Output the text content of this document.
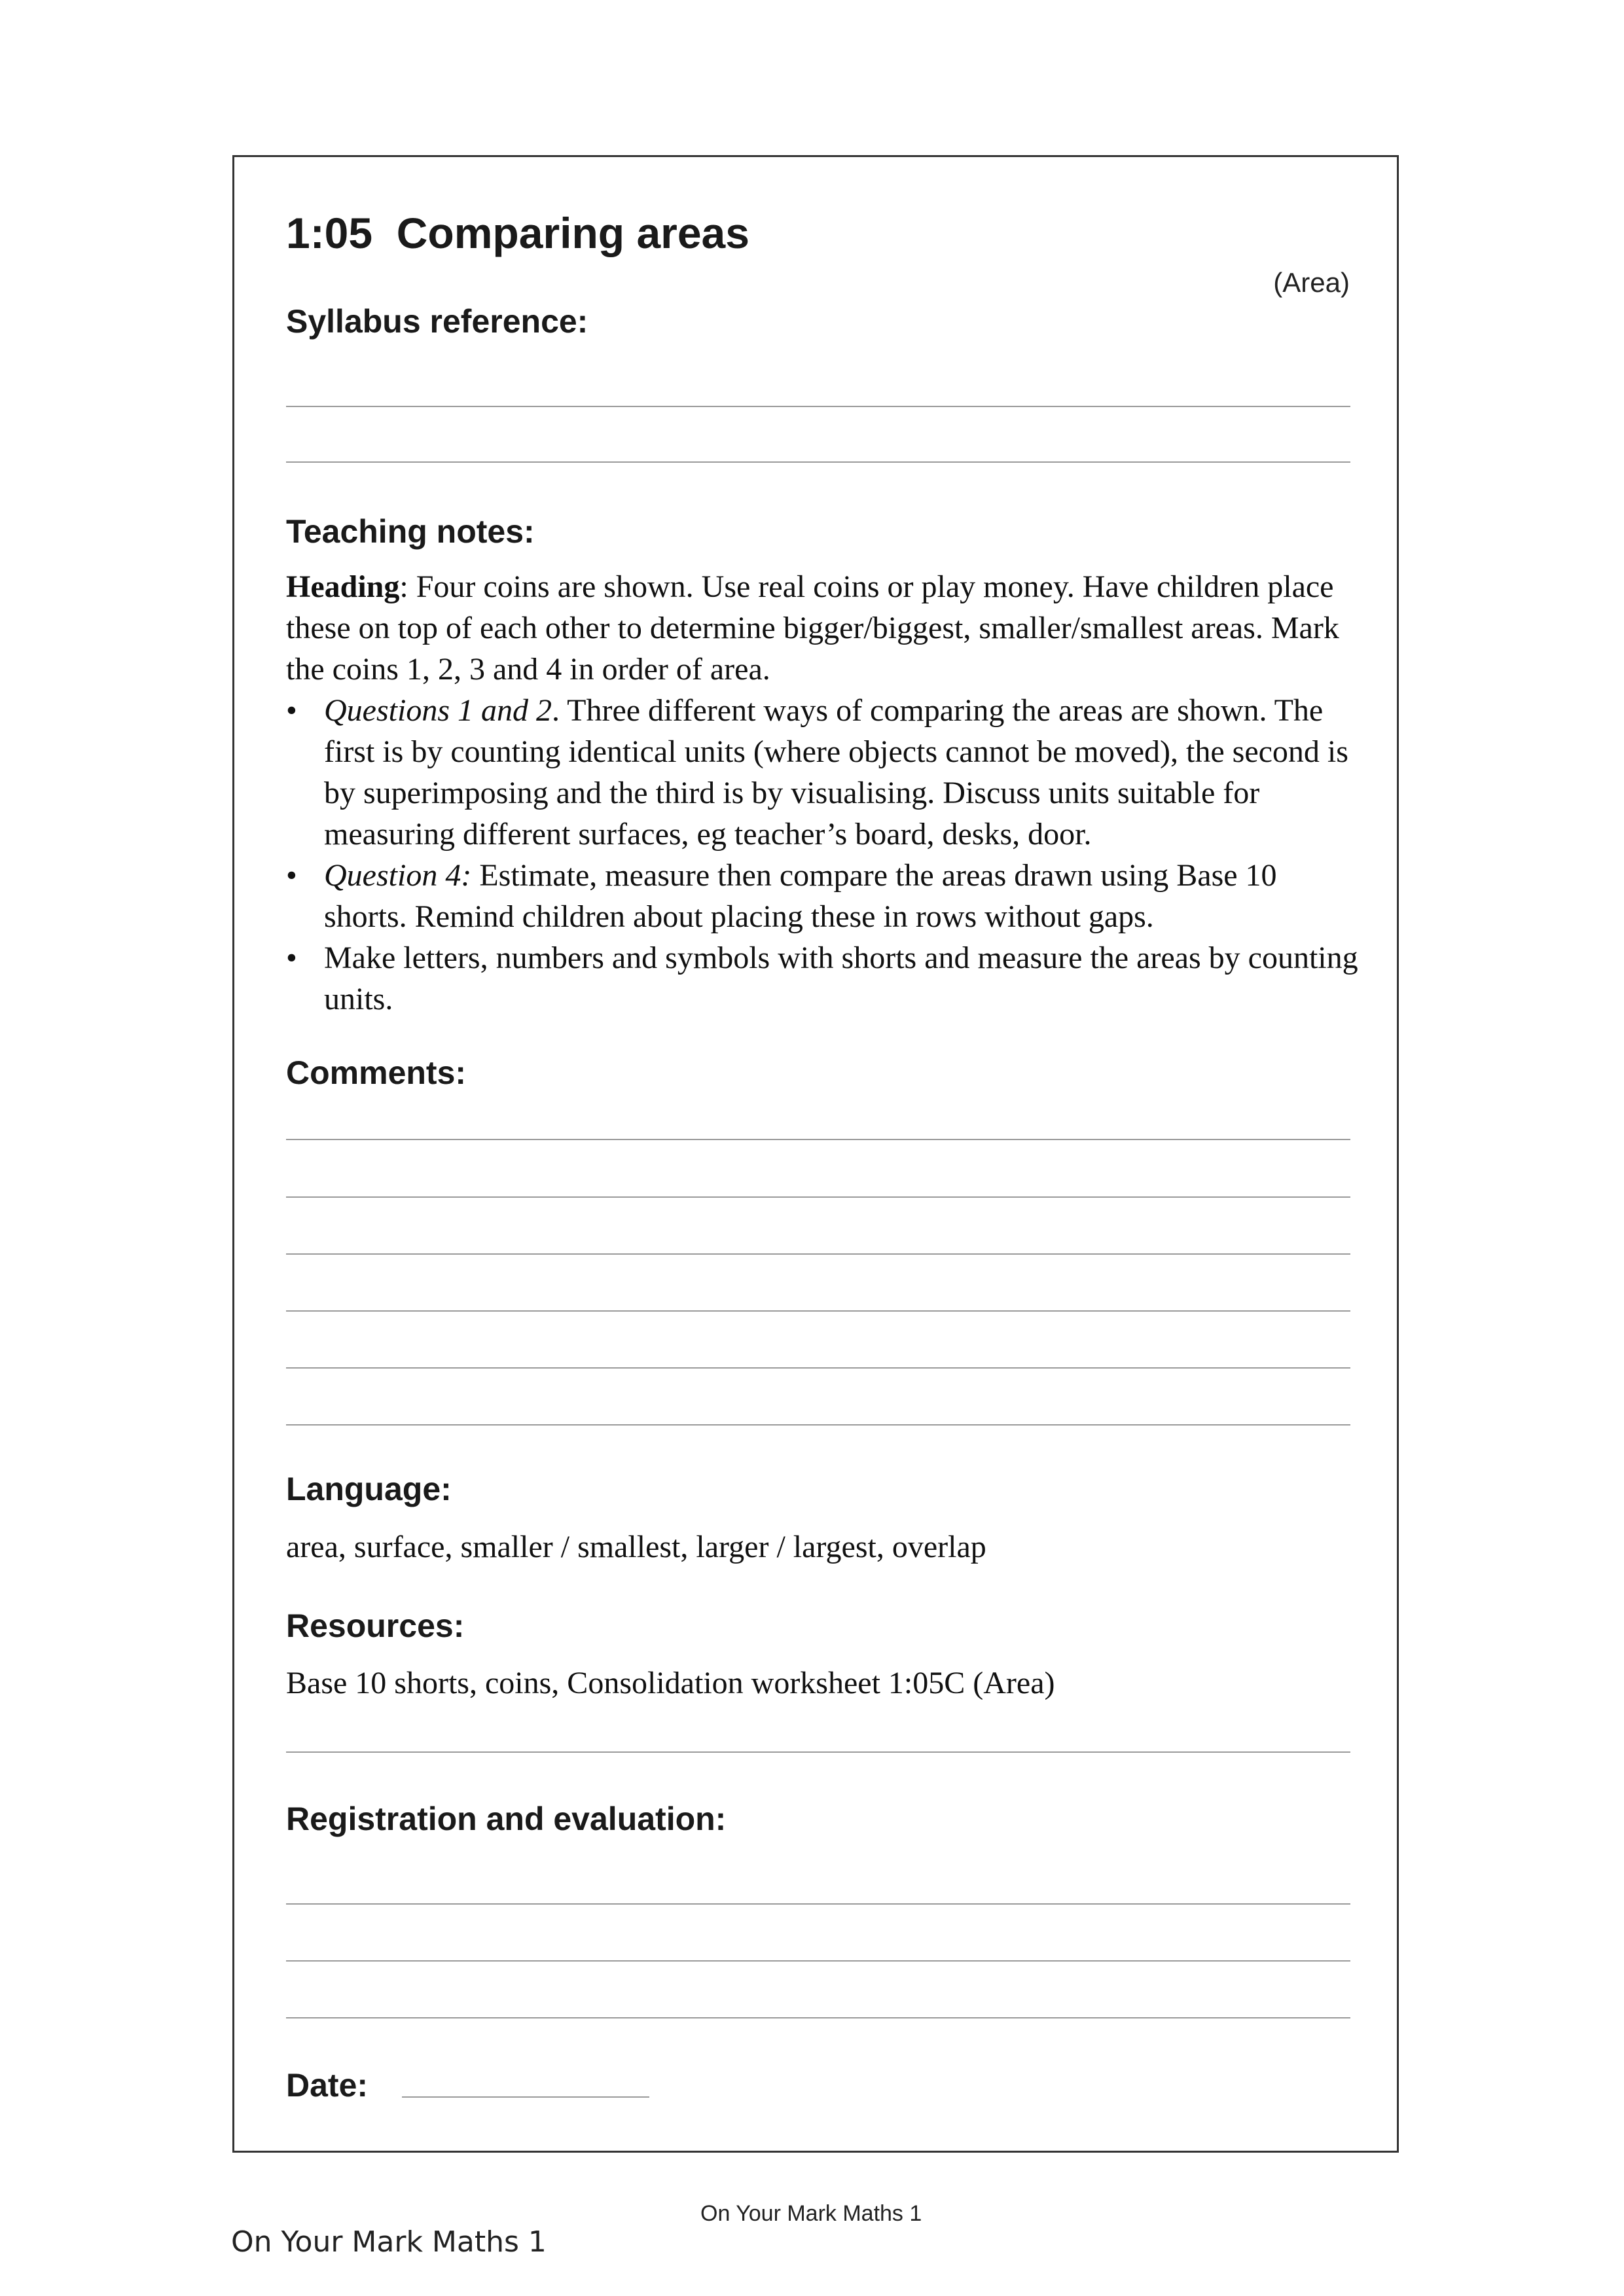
1:05  Comparing areas
(Area)
Syllabus reference:
Teaching notes:

Heading: Four coins are shown. Use real coins or play money. Have children place these on top of each other to determine bigger/biggest, smaller/smallest areas. Mark the coins 1, 2, 3 and 4 in order of area.

• Questions 1 and 2. Three different ways of comparing the areas are shown. The first is by counting identical units (where objects cannot be moved), the second is by superimposing and the third is by visualising. Discuss units suitable for measuring different surfaces, eg teacher’s board, desks, door.
• Question 4: Estimate, measure then compare the areas drawn using Base 10 shorts. Remind children about placing these in rows without gaps.
• Make letters, numbers and symbols with shorts and measure the areas by counting units.
Comments:
Language:
area, surface, smaller / smallest, larger / largest, overlap
Resources:
Base 10 shorts, coins, Consolidation worksheet 1:05C (Area)
Registration and evaluation:
Date:
On Your Mark Maths 1
On Your Mark Maths 1
